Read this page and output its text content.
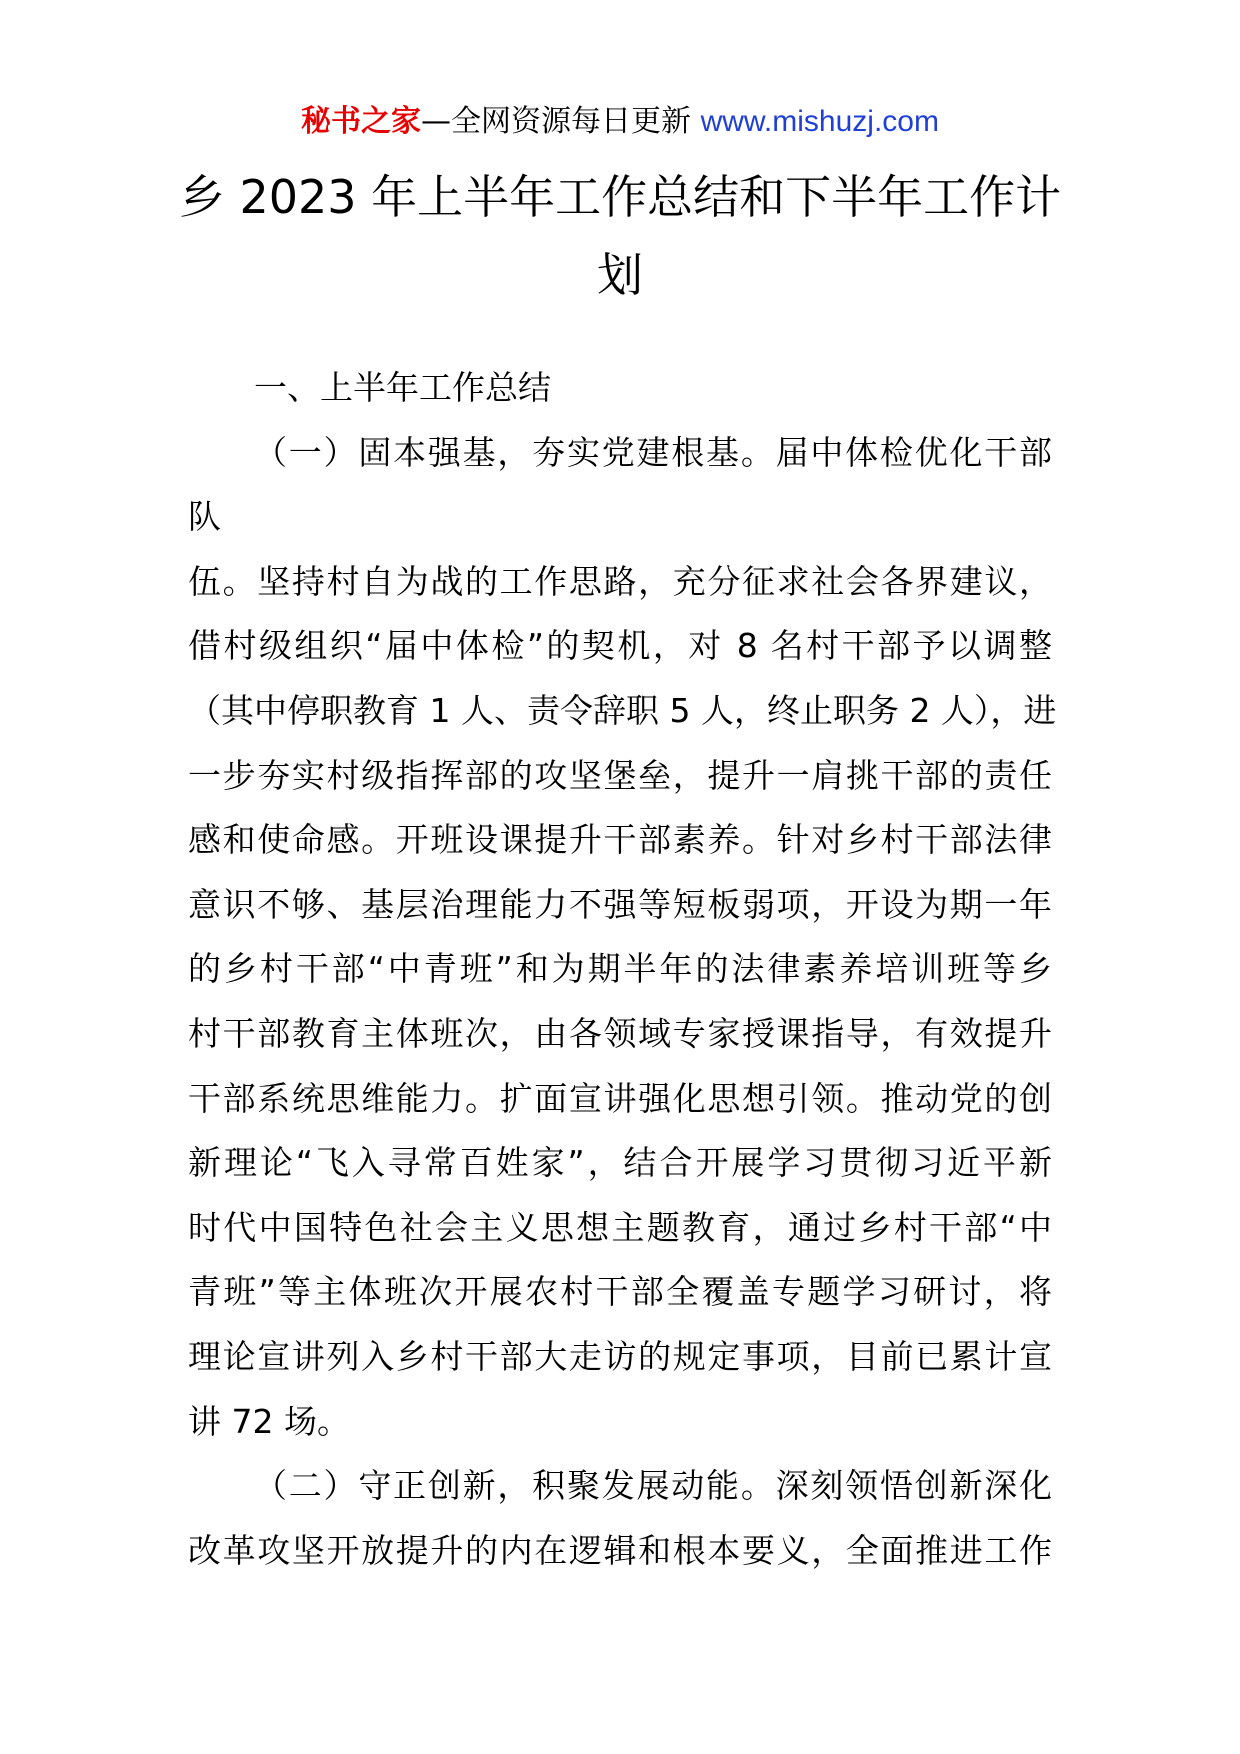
秘书之家—全网资源每日更新 www.mishuzj.com
乡 2023 年上半年工作总结和下半年工作计
划
一、上半年工作总结
（一）固本强基，夯实党建根基。届中体检优化干部
队
伍。坚持村自为战的工作思路，充分征求社会各界建议，
借村级组织“届中体检”的契机，对 8 名村干部予以调整
（其中停职教育 1 人、责令辞职 5 人，终止职务 2 人），进
一步夯实村级指挥部的攻坚堡垒，提升一肩挑干部的责任
感和使命感。开班设课提升干部素养。针对乡村干部法律
意识不够、基层治理能力不强等短板弱项，开设为期一年
的乡村干部“中青班”和为期半年的法律素养培训班等乡
村干部教育主体班次，由各领域专家授课指导，有效提升
干部系统思维能力。扩面宣讲强化思想引领。推动党的创
新理论“飞入寻常百姓家”，结合开展学习贯彻习近平新
时代中国特色社会主义思想主题教育，通过乡村干部“中
青班”等主体班次开展农村干部全覆盖专题学习研讨，将
理论宣讲列入乡村干部大走访的规定事项，目前已累计宣
讲 72 场。
（二）守正创新，积聚发展动能。深刻领悟创新深化
改革攻坚开放提升的内在逻辑和根本要义，全面推进工作
